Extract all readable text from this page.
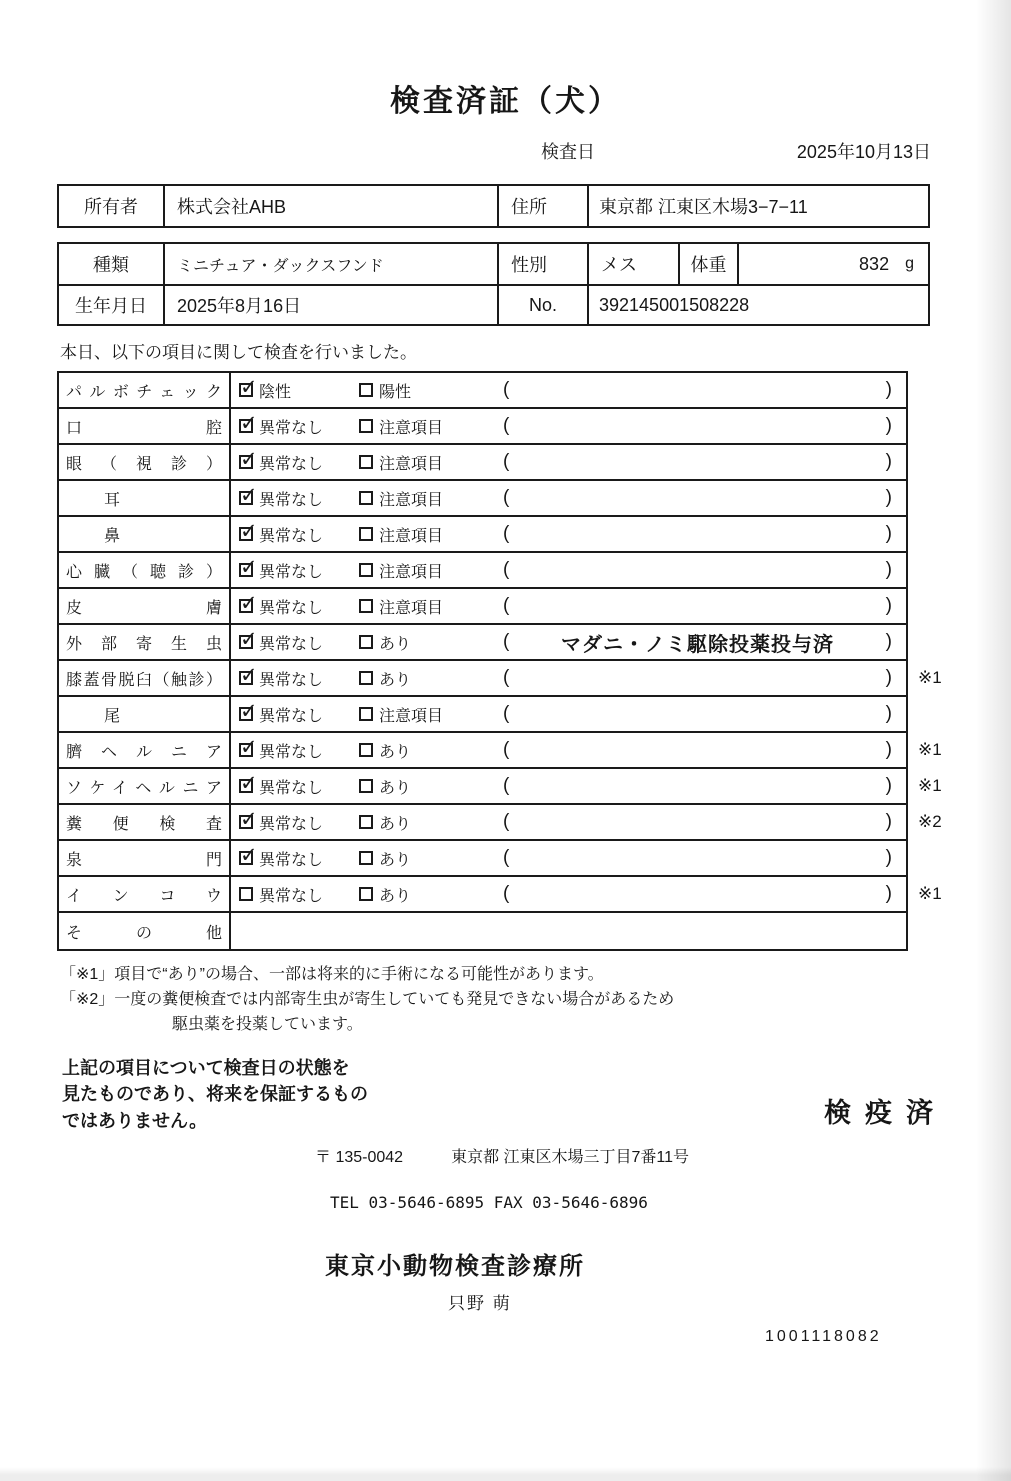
検査済証（犬）
検査日	2025年10月13日
所有者	株式会社AHB	住所	東京都 江東区木場3−7−11
種類	ミニチュア・ダックスフンド	性別	メス	体重	832 g
生年月日	2025年8月16日	No.	392145001508228
本日、以下の項目に関して検査を行いました。
パルボチェック ✓ 陰性	陽性	(	)
口腔 ✓ 異常なし	注意項目	(	)
眼（視診） ✓ 異常なし	注意項目	(	)
耳 ✓	異常なし	注意項目	(	)
鼻 ✓	異常なし	注意項目	(	)
心臓（聴診） ✓ 異常なし	注意項目	(	)
皮膚 ✓ 異常なし	注意項目	(	)
外部寄生虫 ✓ 異常なし	あり	(	マダニ・ノミ駆除投薬投与済	)
膝蓋骨脱臼（触診） ✓ 異常なし	あり	(	) ※1
尾 ✓	異常なし	注意項目	(	)
臍ヘルニア ✓ 異常なし	あり	(	) ※1
ソケイヘルニア ✓ 異常なし	あり	(	) ※1
糞便検査 ✓ 異常なし	あり	(	) ※2
泉門 ✓ 異常なし	あり	(	)
インコウ 異常なし	あり	(	) ※1
その他
「※1」項目で“あり”の場合、一部は将来的に手術になる可能性があります。
「※2」一度の糞便検査では内部寄生虫が寄生していても発見できない場合があるため
駆虫薬を投薬しています。
上記の項目について検査日の状態を
見たものであり、将来を保証するもの
ではありません。	検疫済
〒 135-0042	東京都 江東区木場三丁目7番11号
TEL 03-5646-6895 FAX 03-5646-6896
東京小動物検査診療所
只野 萌
1001118082
